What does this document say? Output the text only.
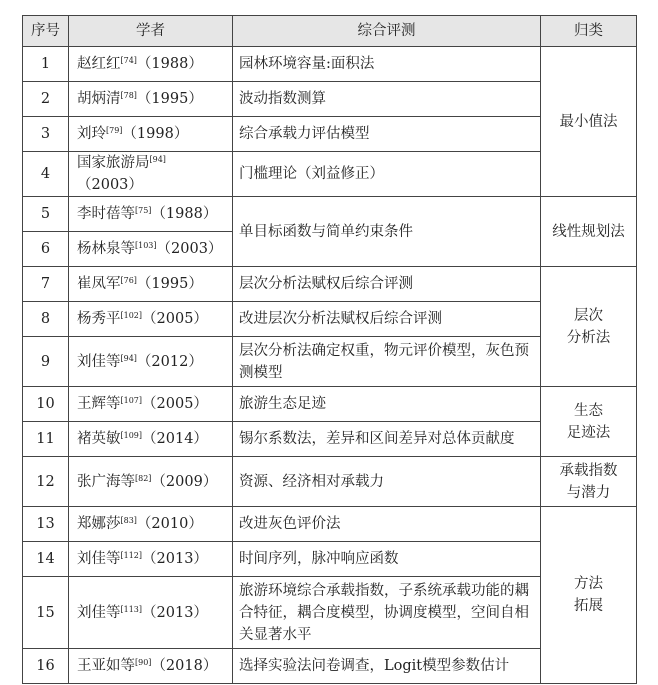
序号	学者	综合评测	归类
1	赵红红[74]（1988）	园林环境容量:面积法	最小值法
2	胡炳清[78]（1995）	波动指数测算	
3	刘玲[79]（1998）	综合承载力评估模型	
4	国家旅游局[94]（2003）	门槛理论（刘益修正）	
5	李时蓓等[75]（1988）	单目标函数与简单约束条件	线性规划法
6	杨林泉等[103]（2003）		
7	崔凤军[76]（1995）	层次分析法赋权后综合评测	层次
分析法

8	杨秀平[102]（2005）	改进层次分析法赋权后综合评测	
9	刘佳等[94]（2012）	层次分析法确定权重，物元评价模型，灰色预测模型	
10	王辉等[107]（2005）	旅游生态足迹	生态
足迹法

11	褚英敏[109]（2014）	锡尔系数法，差异和区间差异对总体贡献度	
12	张广海等[82]（2009）	资源、经济相对承载力	承载指数
与潜力

13	郑娜莎[83]（2010）	改进灰色评价法	方法
拓展

14	刘佳等[112]（2013）	时间序列，脉冲响应函数	
15	刘佳等[113]（2013）	旅游环境综合承载指数，子系统承载功能的耦合特征，耦合度模型，协调度模型，空间自相关显著水平	
16	王亚如等[90]（2018）	选择实验法问卷调查，Logit模型参数估计	
